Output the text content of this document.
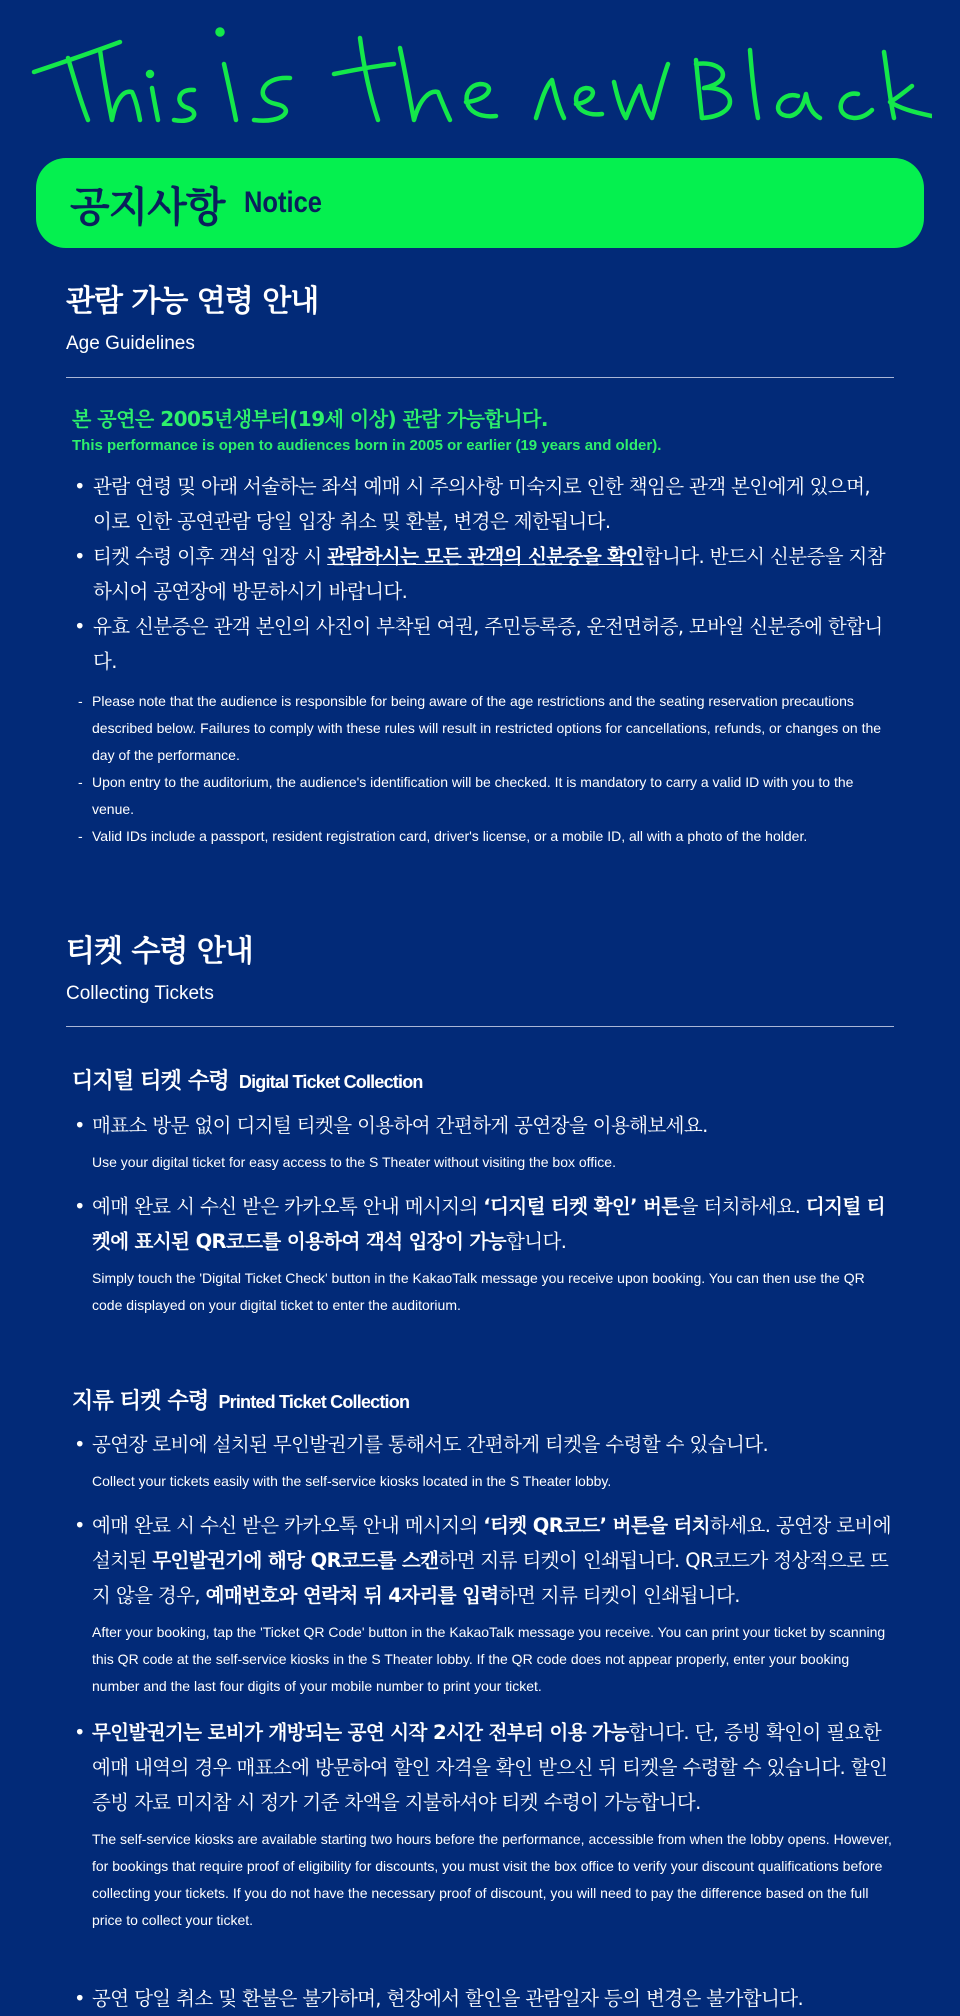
공지사항 Notice
관람 가능 연령 안내
Age Guidelines
본 공연은 2005년생부터(19세 이상) 관람 가능합니다.
This performance is open to audiences born in 2005 or earlier (19 years and older).
• 관람 연령 및 아래 서술하는 좌석 예매 시 주의사항 미숙지로 인한 책임은 관객 본인에게 있으며, 이로 인한 공연관람 당일 입장 취소 및 환불, 변경은 제한됩니다.
• 티켓 수령 이후 객석 입장 시 관람하시는 모든 관객의 신분증을 확인합니다. 반드시 신분증을 지참하시어 공연장에 방문하시기 바랍니다.
• 유효 신분증은 관객 본인의 사진이 부착된 여권, 주민등록증, 운전면허증, 모바일 신분증에 한합니다.
- Please note that the audience is responsible for being aware of the age restrictions and the seating reservation precautions described below. Failures to comply with these rules will result in restricted options for cancellations, refunds, or changes on the day of the performance.
- Upon entry to the auditorium, the audience's identification will be checked. It is mandatory to carry a valid ID with you to the venue.
- Valid IDs include a passport, resident registration card, driver's license, or a mobile ID, all with a photo of the holder.
티켓 수령 안내
Collecting Tickets
디지털 티켓 수령 Digital Ticket Collection
• 매표소 방문 없이 디지털 티켓을 이용하여 간편하게 공연장을 이용해보세요.
Use your digital ticket for easy access to the S Theater without visiting the box office.
• 예매 완료 시 수신 받은 카카오톡 안내 메시지의 ‘디지털 티켓 확인’ 버튼을 터치하세요. 디지털 티켓에 표시된 QR코드를 이용하여 객석 입장이 가능합니다.
Simply touch the 'Digital Ticket Check' button in the KakaoTalk message you receive upon booking. You can then use the QR code displayed on your digital ticket to enter the auditorium.
지류 티켓 수령 Printed Ticket Collection
• 공연장 로비에 설치된 무인발권기를 통해서도 간편하게 티켓을 수령할 수 있습니다.
Collect your tickets easily with the self-service kiosks located in the S Theater lobby.
• 예매 완료 시 수신 받은 카카오톡 안내 메시지의 ‘티켓 QR코드’ 버튼을 터치하세요. 공연장 로비에 설치된 무인발권기에 해당 QR코드를 스캔하면 지류 티켓이 인쇄됩니다. QR코드가 정상적으로 뜨지 않을 경우, 예매번호와 연락처 뒤 4자리를 입력하면 지류 티켓이 인쇄됩니다.
After your booking, tap the 'Ticket QR Code' button in the KakaoTalk message you receive. You can print your ticket by scanning this QR code at the self-service kiosks in the S Theater lobby. If the QR code does not appear properly, enter your booking number and the last four digits of your mobile number to print your ticket.
• 무인발권기는 로비가 개방되는 공연 시작 2시간 전부터 이용 가능합니다. 단, 증빙 확인이 필요한 예매 내역의 경우 매표소에 방문하여 할인 자격을 확인 받으신 뒤 티켓을 수령할 수 있습니다. 할인 증빙 자료 미지참 시 정가 기준 차액을 지불하셔야 티켓 수령이 가능합니다.
The self-service kiosks are available starting two hours before the performance, accessible from when the lobby opens. However, for bookings that require proof of eligibility for discounts, you must visit the box office to verify your discount qualifications before collecting your tickets. If you do not have the necessary proof of discount, you will need to pay the difference based on the full price to collect your ticket.
• 공연 당일 취소 및 환불은 불가하며, 현장에서 할인을 관람일자 등의 변경은 불가합니다.
